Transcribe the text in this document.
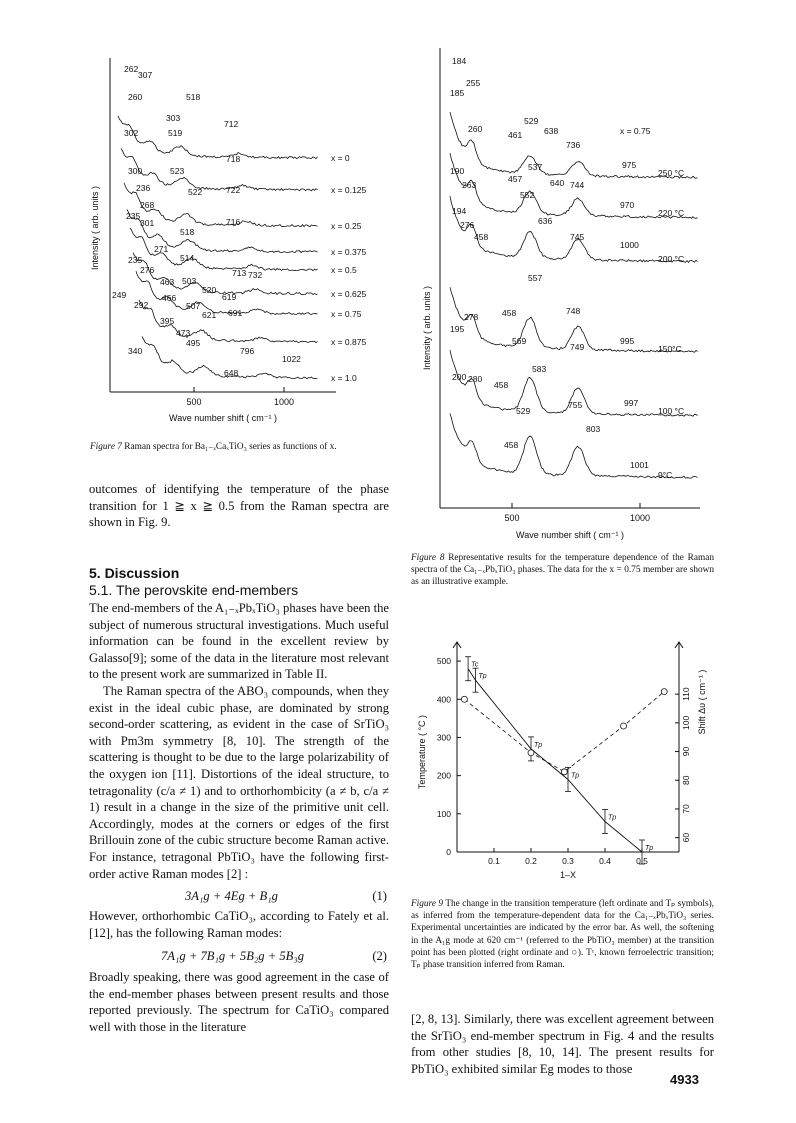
500	1000
Wave number shift ( cm⁻¹ )
Intensity ( arb. units )
x = 0
x = 0.125
x = 0.25
x = 0.375
x = 0.5
x = 0.625
x = 0.75
x = 0.875
x = 1.0
262
307
260	518
303
712
302	519
718
300	523
236	522	722
268
235
301
518
716
271
514
235
276	713 732
463 503
520
249	466	619
292	507
621 691
395
473
495
340	796
1022
648
Figure 7 Raman spectra for Ba₁₋ₓCaₓTiO₃ series as functions of x.
500	1000
Wave number shift ( cm⁻¹ )
Intensity ( arb. units )
x = 0.75
250 °C
220 °C
200 °C
150°C
100 °C
9°C
184
255
185
260
529
461	638
736
975
190	537
263
457	640 744
552
970
194
276	636
458	745
1000
557
278	458	748
195
569
749
995
200 280
583
458
755	997
529
803
458
1001
Figure 8 Representative results for the temperature dependence of the Raman spectra of the Ca₁₋ₓPbₓTiO₃ phases. The data for the x = 0.75 member are shown as an illustrative example.
0.1	0.2	0.3	0.4	0.5
1–X
0
100
200
300
400
500
Temperature ( °C )
60
70
80
90
100
110 Shift Δυ ( cm⁻¹ )
Tc
Tp
Tp
Tp
Tp
Tp
Figure 9 The change in the transition temperature (left ordinate and Tₚ symbols), as inferred from the temperature-dependent data for the Ca₁₋ₓPbₓTiO₃ series. Experimental uncertainties are indicated by the error bar. As well, the softening in the A₁g mode at 620 cm⁻¹ (referred to the PbTiO₃ member) at the transition point has been plotted (right ordinate and ○). Tᶜ, known ferroelectric transition; Tₚ phase transition inferred from Raman.

outcomes of identifying the temperature of the phase transition for 1 ≧ x ≧ 0.5 from the Raman spectra are shown in Fig. 9.

5. Discussion
5.1. The perovskite end-members

The end-members of the A₁₋ₓPbₓTiO₃ phases have been the subject of numerous structural investigations. Much useful information can be found in the excellent review by Galasso[9]; some of the data in the literature most relevant to the present work are summarized in Table II.

The Raman spectra of the ABO₃ compounds, when they exist in the ideal cubic phase, are dominated by strong second-order scattering, as evident in the case of SrTiO₃ with Pm3m symmetry [8, 10]. The strength of the scattering is thought to be due to the large polarizability of the oxygen ion [11]. Distortions of the ideal structure, to tetragonality (c/a ≠ 1) and to orthorhombicity (a ≠ b, c/a ≠ 1) result in a change in the size of the primitive unit cell. Accordingly, modes at the corners or edges of the first Brillouin zone of the cubic structure become Raman active. For instance, tetragonal PbTiO₃ have the following first-order active Raman modes [2] :

3A₁g + 4Eg + B₁g	(1)

However, orthorhombic CaTiO₃, according to Fately et al. [12], has the following Raman modes:

7A₁g + 7B₁g + 5B₂g + 5B₃g	(2)

Broadly speaking, there was good agreement in the case of the end-member phases between present results and those reported previously. The spectrum for CaTiO₃ compared well with those in the literature

[2, 8, 13]. Similarly, there was excellent agreement between the SrTiO₃ end-member spectrum in Fig. 4 and the results from other studies [8, 10, 14]. The present results for PbTiO₃ exhibited similar Eg modes to those

4933
